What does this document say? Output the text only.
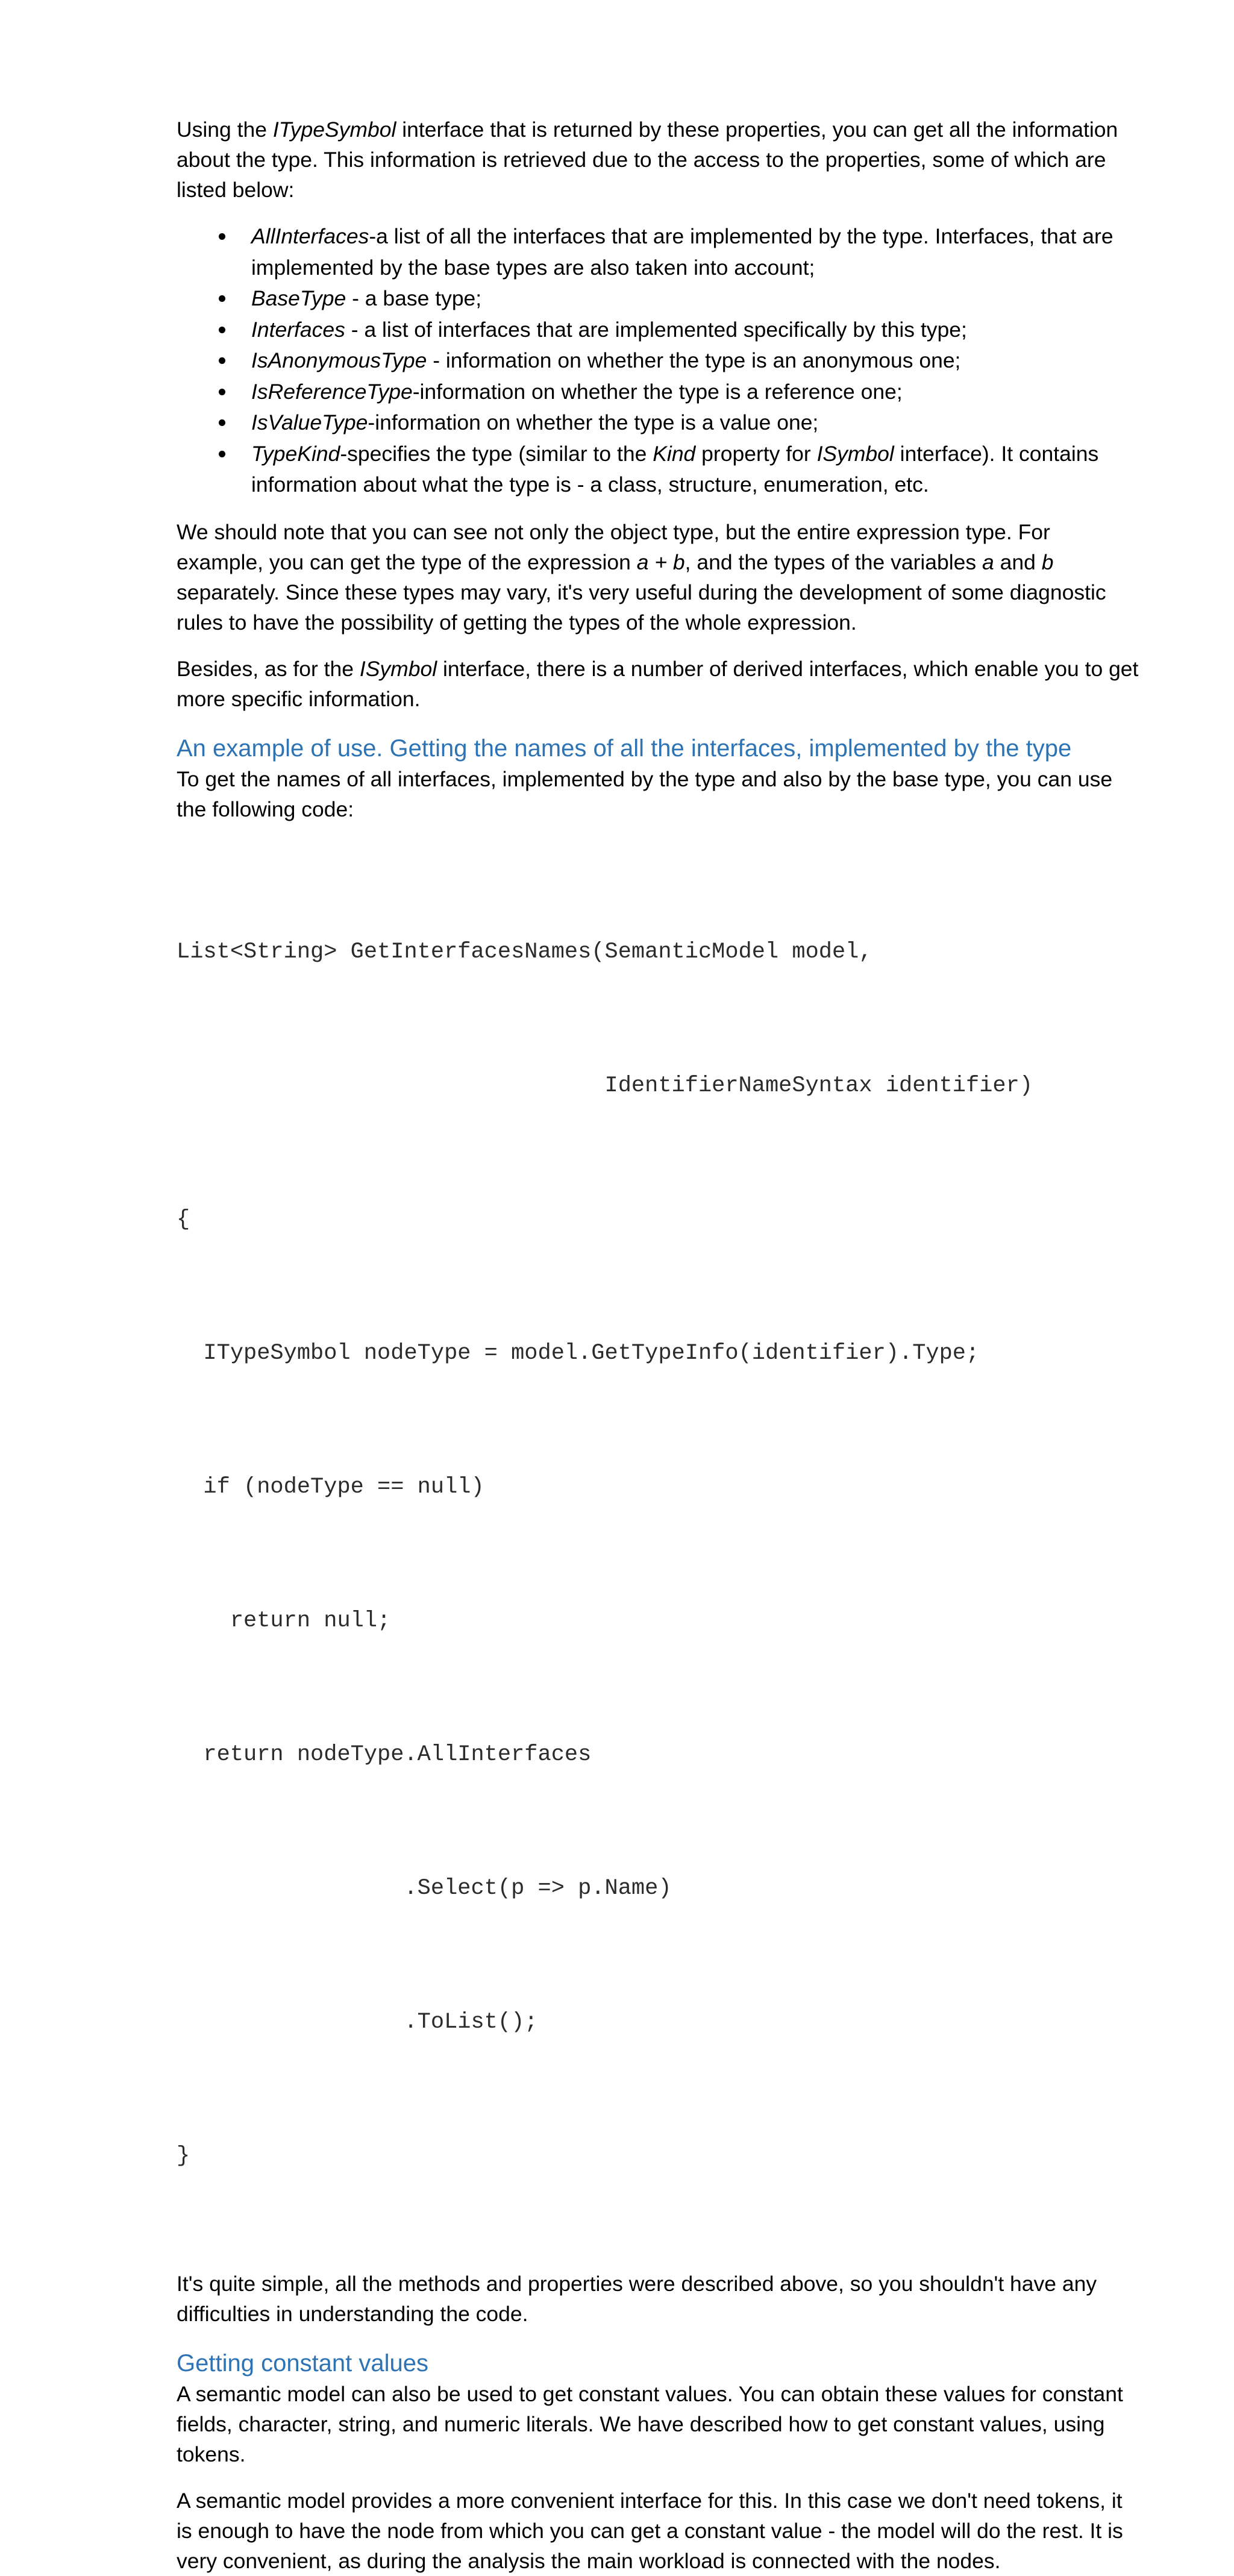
Using the ITypeSymbol interface that is returned by these properties, you can get all the information about the type. This information is retrieved due to the access to the properties, some of which are listed below:

AllInterfaces-a list of all the interfaces that are implemented by the type. Interfaces, that are implemented by the base types are also taken into account;
BaseType - a base type;
Interfaces - a list of interfaces that are implemented specifically by this type;
IsAnonymousType - information on whether the type is an anonymous one;
IsReferenceType-information on whether the type is a reference one;
IsValueType-information on whether the type is a value one;
TypeKind-specifies the type (similar to the Kind property for ISymbol interface). It contains information about what the type is - a class, structure, enumeration, etc.

We should note that you can see not only the object type, but the entire expression type. For example, you can get the type of the expression a + b, and the types of the variables a and b separately. Since these types may vary, it's very useful during the development of some diagnostic rules to have the possibility of getting the types of the whole expression.

Besides, as for the ISymbol interface, there is a number of derived interfaces, which enable you to get more specific information.

An example of use. Getting the names of all the interfaces, implemented by the type

To get the names of all interfaces, implemented by the type and also by the base type, you can use the following code:

List<String> GetInterfacesNames(SemanticModel model,

IdentifierNameSyntax identifier)

{

ITypeSymbol nodeType = model.GetTypeInfo(identifier).Type;

if (nodeType == null)

return null;

return nodeType.AllInterfaces

.Select(p => p.Name)

.ToList();

}

It's quite simple, all the methods and properties were described above, so you shouldn't have any difficulties in understanding the code.

Getting constant values

A semantic model can also be used to get constant values. You can obtain these values for constant fields, character, string, and numeric literals. We have described how to get constant values, using tokens.

A semantic model provides a more convenient interface for this. In this case we don't need tokens, it is enough to have the node from which you can get a constant value - the model will do the rest. It is very convenient, as during the analysis the main workload is connected with the nodes.
